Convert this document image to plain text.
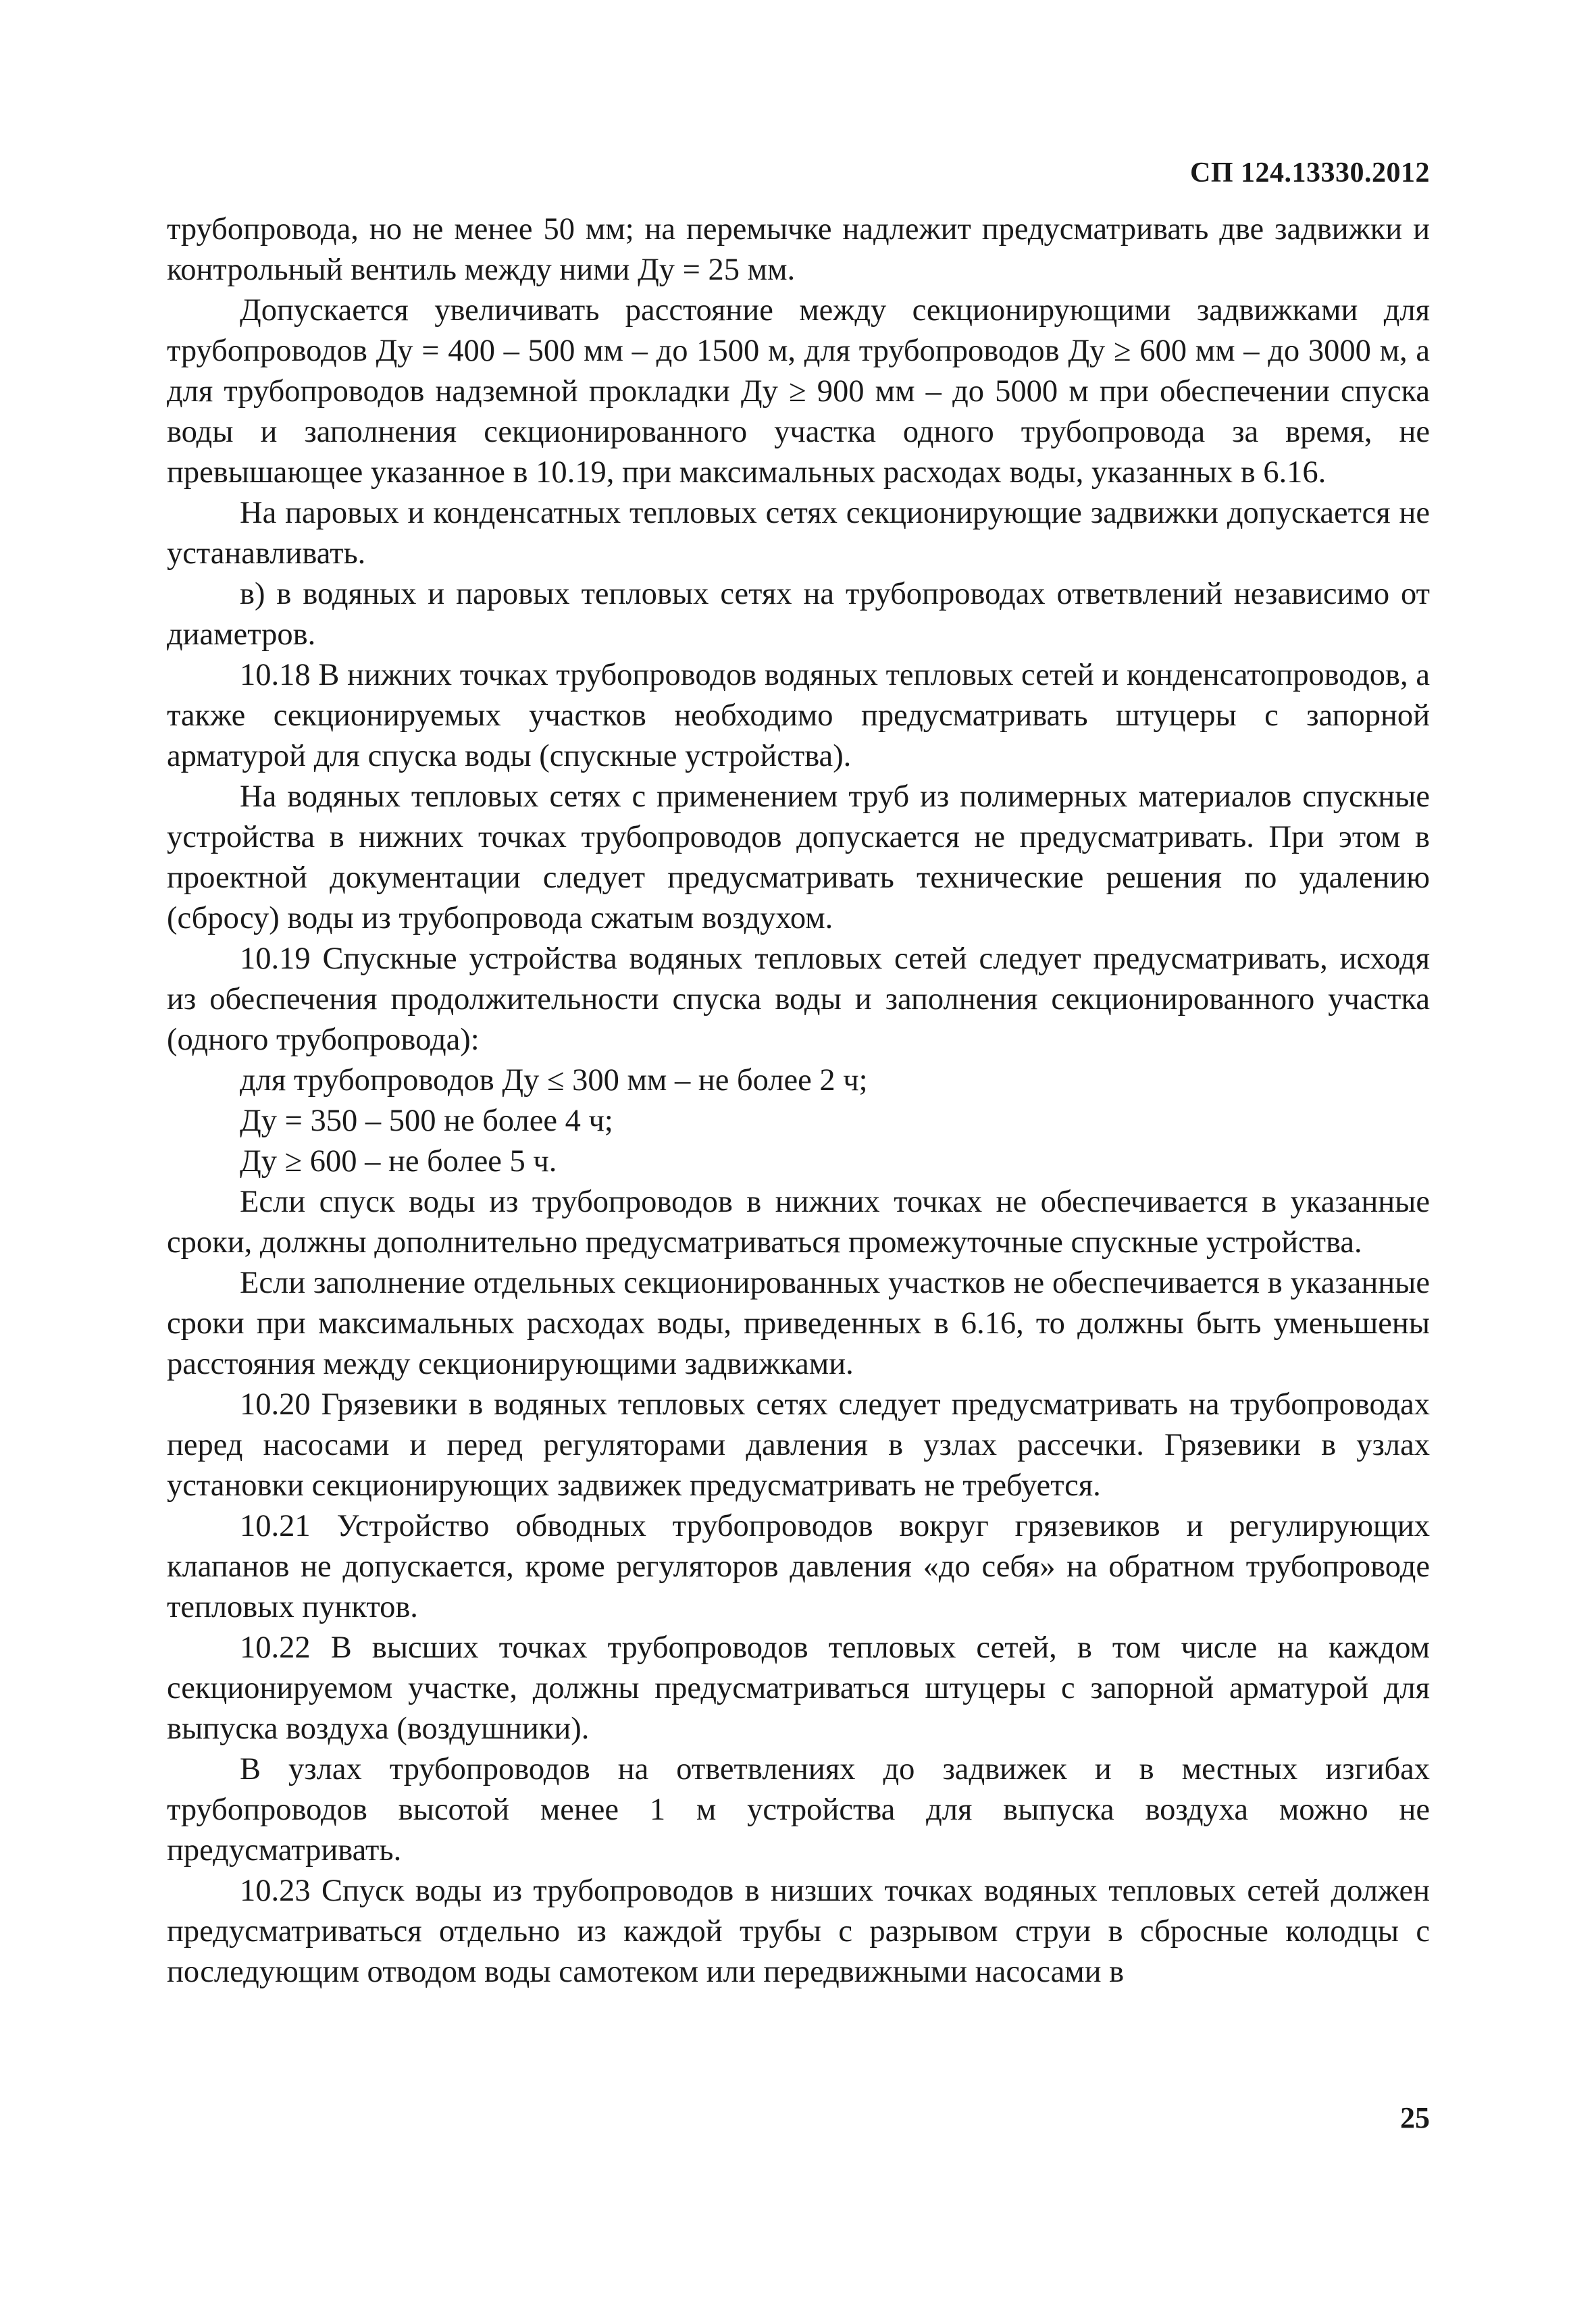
СП 124.13330.2012

трубопровода, но не менее 50 мм; на перемычке надлежит предусматривать две задвижки и контрольный вентиль между ними Ду = 25 мм.

Допускается увеличивать расстояние между секционирующими задвижками для трубопроводов Ду = 400 – 500 мм – до 1500 м, для трубопроводов Ду ≥ 600 мм – до 3000 м, а для трубопроводов надземной прокладки Ду ≥ 900 мм – до 5000 м при обеспечении спуска воды и заполнения секционированного участка одного трубопровода за время, не превышающее указанное в 10.19, при максимальных расходах воды, указанных в 6.16.

На паровых и конденсатных тепловых сетях секционирующие задвижки допускается не устанавливать.

в) в водяных и паровых тепловых сетях на трубопроводах ответвлений независимо от диаметров.

10.18 В нижних точках трубопроводов водяных тепловых сетей и конденсатопроводов, а также секционируемых участков необходимо предусматривать штуцеры с запорной арматурой для спуска воды (спускные устройства).

На водяных тепловых сетях с применением труб из полимерных материалов спускные устройства в нижних точках трубопроводов допускается не предусматривать. При этом в проектной документации следует предусматривать технические решения по удалению (сбросу) воды из трубопровода сжатым воздухом.

10.19 Спускные устройства водяных тепловых сетей следует предусматривать, исходя из обеспечения продолжительности спуска воды и заполнения секционированного участка (одного трубопровода):

для трубопроводов Ду ≤ 300 мм – не более 2 ч;

Ду = 350 – 500 не более 4 ч;

Ду ≥ 600 – не более 5 ч.

Если спуск воды из трубопроводов в нижних точках не обеспечивается в указанные сроки, должны дополнительно предусматриваться промежуточные спускные устройства.

Если заполнение отдельных секционированных участков не обеспечивается в указанные сроки при максимальных расходах воды, приведенных в 6.16, то должны быть уменьшены расстояния между секционирующими задвижками.

10.20 Грязевики в водяных тепловых сетях следует предусматривать на трубопроводах перед насосами и перед регуляторами давления в узлах рассечки. Грязевики в узлах установки секционирующих задвижек предусматривать не требуется.

10.21 Устройство обводных трубопроводов вокруг грязевиков и регулирующих клапанов не допускается, кроме регуляторов давления «до себя» на обратном трубопроводе тепловых пунктов.

10.22 В высших точках трубопроводов тепловых сетей, в том числе на каждом секционируемом участке, должны предусматриваться штуцеры с запорной арматурой для выпуска воздуха (воздушники).

В узлах трубопроводов на ответвлениях до задвижек и в местных изгибах трубопроводов высотой менее 1 м устройства для выпуска воздуха можно не предусматривать.

10.23 Спуск воды из трубопроводов в низших точках водяных тепловых сетей должен предусматриваться отдельно из каждой трубы с разрывом струи в сбросные колодцы с последующим отводом воды самотеком или передвижными насосами в

25
